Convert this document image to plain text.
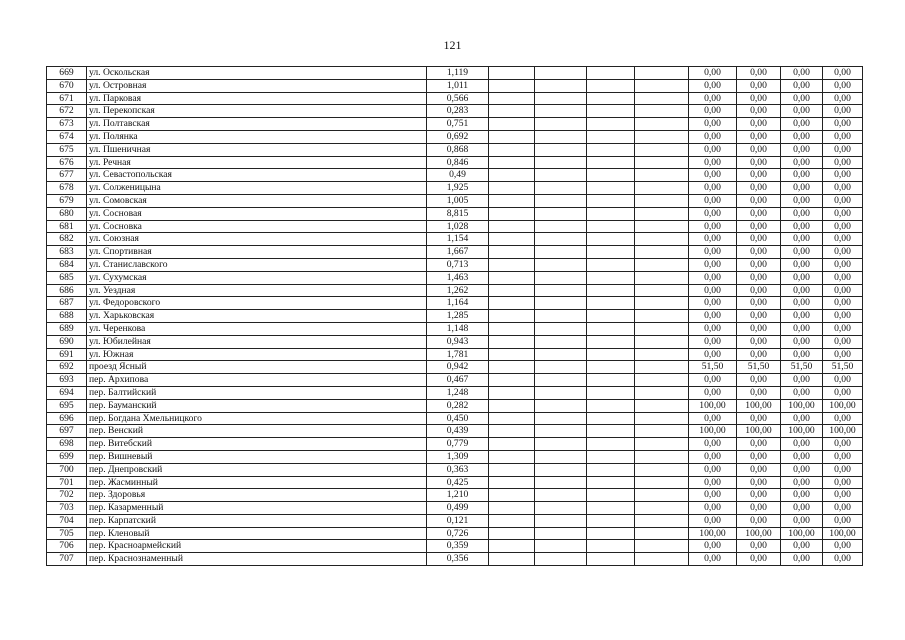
121
669	ул. Оскольская	1,119					0,00	0,00	0,00	0,00
670	ул. Островная	1,011					0,00	0,00	0,00	0,00
671	ул. Парковая	0,566					0,00	0,00	0,00	0,00
672	ул. Перекопская	0,283					0,00	0,00	0,00	0,00
673	ул. Полтавская	0,751					0,00	0,00	0,00	0,00
674	ул. Полянка	0,692					0,00	0,00	0,00	0,00
675	ул. Пшеничная	0,868					0,00	0,00	0,00	0,00
676	ул. Речная	0,846					0,00	0,00	0,00	0,00
677	ул. Севастопольская	0,49					0,00	0,00	0,00	0,00
678	ул. Солженицына	1,925					0,00	0,00	0,00	0,00
679	ул. Сомовская	1,005					0,00	0,00	0,00	0,00
680	ул. Сосновая	8,815					0,00	0,00	0,00	0,00
681	ул. Сосновка	1,028					0,00	0,00	0,00	0,00
682	ул. Союзная	1,154					0,00	0,00	0,00	0,00
683	ул. Спортивная	1,667					0,00	0,00	0,00	0,00
684	ул. Станиславского	0,713					0,00	0,00	0,00	0,00
685	ул. Сухумская	1,463					0,00	0,00	0,00	0,00
686	ул. Уездная	1,262					0,00	0,00	0,00	0,00
687	ул. Федоровского	1,164					0,00	0,00	0,00	0,00
688	ул. Харьковская	1,285					0,00	0,00	0,00	0,00
689	ул. Черенкова	1,148					0,00	0,00	0,00	0,00
690	ул. Юбилейная	0,943					0,00	0,00	0,00	0,00
691	ул. Южная	1,781					0,00	0,00	0,00	0,00
692	проезд Ясный	0,942					51,50	51,50	51,50	51,50
693	пер. Архипова	0,467					0,00	0,00	0,00	0,00
694	пер. Балтийский	1,248					0,00	0,00	0,00	0,00
695	пер. Бауманский	0,282					100,00	100,00	100,00	100,00
696	пер. Богдана Хмельницкого	0,450					0,00	0,00	0,00	0,00
697	пер. Венский	0,439					100,00	100,00	100,00	100,00
698	пер. Витебский	0,779					0,00	0,00	0,00	0,00
699	пер. Вишневый	1,309					0,00	0,00	0,00	0,00
700	пер. Днепровский	0,363					0,00	0,00	0,00	0,00
701	пер. Жасминный	0,425					0,00	0,00	0,00	0,00
702	пер. Здоровья	1,210					0,00	0,00	0,00	0,00
703	пер. Казарменный	0,499					0,00	0,00	0,00	0,00
704	пер. Карпатский	0,121					0,00	0,00	0,00	0,00
705	пер. Кленовый	0,726					100,00	100,00	100,00	100,00
706	пер. Красноармейский	0,359					0,00	0,00	0,00	0,00
707	пер. Краснознаменный	0,356					0,00	0,00	0,00	0,00
